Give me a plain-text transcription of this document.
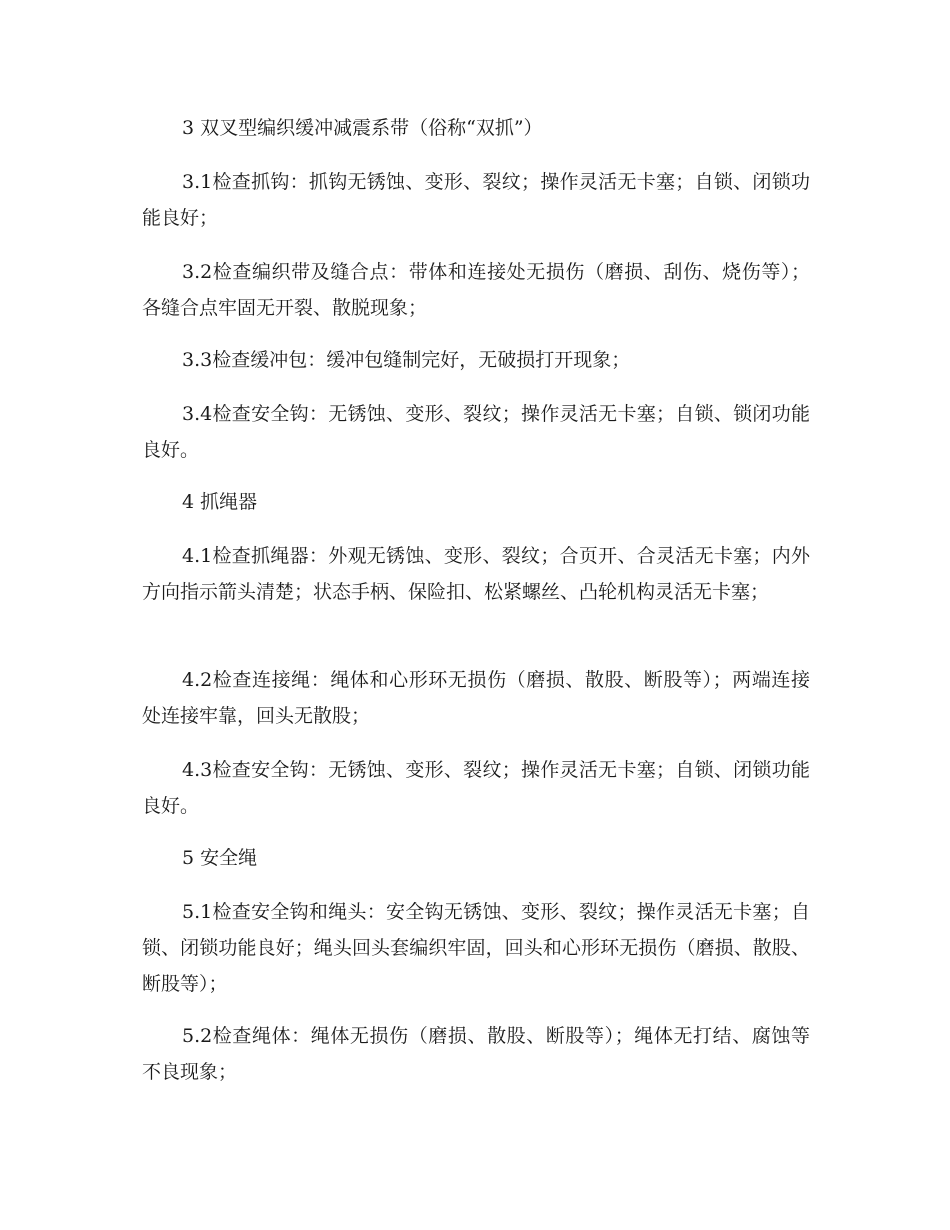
3 双叉型编织缓冲减震系带（俗称“双抓”）

3.1检查抓钩：抓钩无锈蚀、变形、裂纹；操作灵活无卡塞；自锁、闭锁功能良好；

3.2检查编织带及缝合点：带体和连接处无损伤（磨损、刮伤、烧伤等）；各缝合点牢固无开裂、散脱现象；

3.3检查缓冲包：缓冲包缝制完好，无破损打开现象；

3.4检查安全钩：无锈蚀、变形、裂纹；操作灵活无卡塞；自锁、锁闭功能良好。

4 抓绳器

4.1检查抓绳器：外观无锈蚀、变形、裂纹；合页开、合灵活无卡塞；内外方向指示箭头清楚；状态手柄、保险扣、松紧螺丝、凸轮机构灵活无卡塞；

4.2检查连接绳：绳体和心形环无损伤（磨损、散股、断股等）；两端连接处连接牢靠，回头无散股；

4.3检查安全钩：无锈蚀、变形、裂纹；操作灵活无卡塞；自锁、闭锁功能良好。

5 安全绳

5.1检查安全钩和绳头：安全钩无锈蚀、变形、裂纹；操作灵活无卡塞；自锁、闭锁功能良好；绳头回头套编织牢固，回头和心形环无损伤（磨损、散股、断股等）；

5.2检查绳体：绳体无损伤（磨损、散股、断股等）；绳体无打结、腐蚀等不良现象；
